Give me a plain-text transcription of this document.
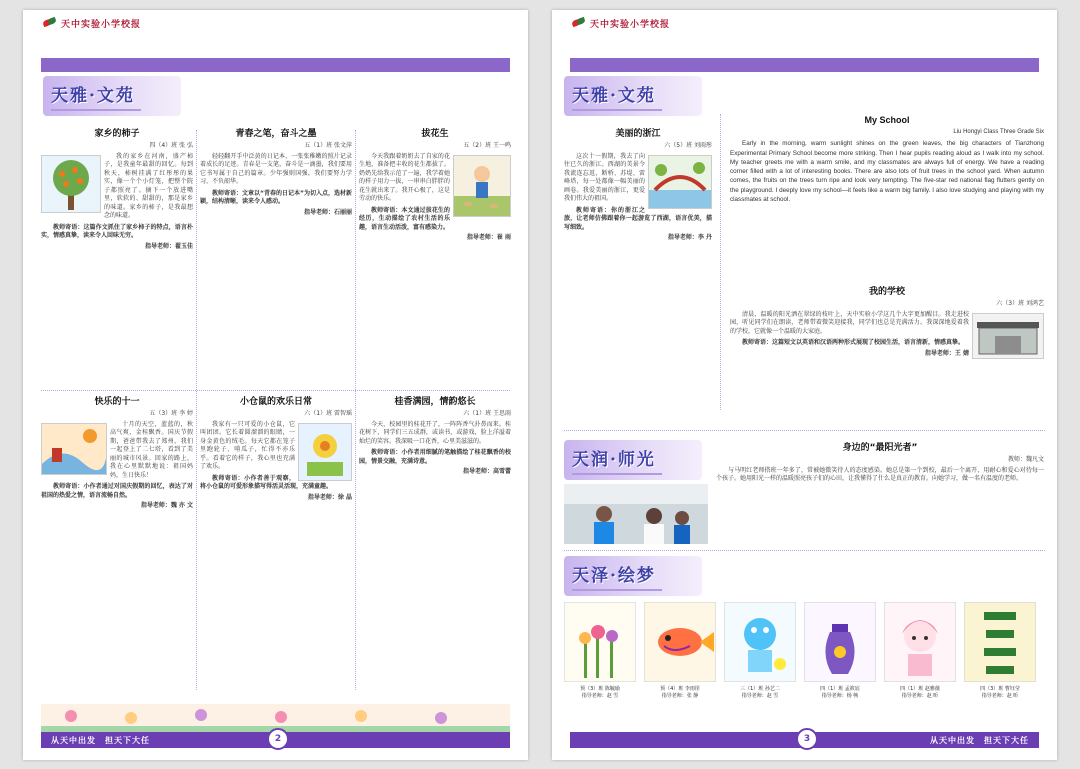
天中实验小学校报
天雅·文苑
家乡的柿子
四（4）班 张 弘

我的家乡在河南，盛产柿子，是我童年最甜的回忆。每到秋天，柿树挂满了红彤彤的果实，像一个个小灯笼，把整个院子都照亮了。摘下一个放进嘴里，软软的、甜甜的，那是家乡的味道。家乡的柿子，是我最想念的味道。

教师寄语：这篇作文抓住了家乡柿子的特点，语言朴实，情感真挚，读来令人回味无穷。

指导老师：翟玉佳
青春之笔，奋斗之墨
五（1）班 张文萍

轻轻翻开手中泛黄的日记本，一张张稚嫩的照片记录着成长的足迹。青春是一支笔，奋斗是一滴墨，我们要用它书写属于自己的篇章。少年强则国强，我们要努力学习，不负韶华。

教师寄语：文章以“青春的日记本”为切入点，选材新颖，结构清晰，读来令人感动。

指导老师：石丽丽
拔花生
五（2）班 王一鸣

今天我跟着奶奶去了自家的花生地，准备把丰收的花生都拔了。奶奶先给我示范了一遍，我学着她的样子用力一拔，一串串白胖胖的花生就出来了。我开心极了，这是劳动的快乐。

教师寄语：本文通过拔花生的经历，生动描绘了农村生活的乐趣，语言生动活泼，富有感染力。

指导老师：崔 雨
快乐的十一
五（3）班 李 婷

十月的天空，蓝蓝的，秋高气爽，金桂飘香。国庆节假期，爸爸带我去了郑州，我们一起登上了二七塔，看到了美丽的城市风景。回家的路上，我在心里默默地说：祖国妈妈，生日快乐！

教师寄语：小作者通过对国庆假期的回忆，表达了对祖国的热爱之情，语言流畅自然。

指导老师：魏 亦 文
小仓鼠的欢乐日常
六（1）班 雷智瑶

我家有一只可爱的小仓鼠，它叫团团。它长着圆溜溜的眼睛，一身金黄色的绒毛。每天它都在笼子里跑轮子、啃瓜子，忙得不亦乐乎。看着它的样子，我心里也充满了欢乐。

教师寄语：小作者善于观察，将小仓鼠的可爱形象描写得活灵活现，充满童趣。

指导老师：徐 晶
桂香满园，情韵悠长
六（1）班 王思雨

今天，校园里的桂花开了，一阵阵香气扑鼻而来。桂花树下，同学们三五成群，或读书，或游戏，脸上洋溢着灿烂的笑容。我深吸一口花香，心里美滋滋的。

教师寄语：小作者用细腻的笔触描绘了桂花飘香的校园，情景交融，充满诗意。

指导老师：高雪蕾
从天中出发　担天下大任	2
天中实验小学校报
天雅·文苑
美丽的浙江
六（5）班 刘雨彤

这次十一假期，我去了向往已久的浙江。西湖的美景令我流连忘返，断桥、苏堤、雷峰塔，每一处都像一幅美丽的画卷。我爱美丽的浙江，更爱我们伟大的祖国。

教师寄语：你的浙江之旅，让老师仿佛跟着你一起游览了西湖，语言优美，描写细致。

指导老师：李 丹
My School
Liu Hongyi Class Three Grade Six

Early in the morning, warm sunlight shines on the green leaves, the big characters of Tianzhong Experimental Primary School become more striking. Then I hear pupils reading aloud as I walk into my school. My teacher greets me with a warm smile, and my classmates are always full of energy. We have a reading corner filled with a lot of interesting books. There are also lots of fruit trees in the school yard. When autumn comes, the fruits on the trees turn ripe and look very tempting. The five-star red national flag flutters gently on the playground. I deeply love my school—it feels like a warm big family. I also love studying and playing with my classmates at school.

我的学校
六（3）班 刘鸿艺

清晨，温暖的阳光洒在翠绿的枝叶上，天中实验小学这几个大字更加醒目。我走进校园，听见同学们在朗读，老师带着微笑迎接我，同学们也总是充满活力。我深深地爱着我的学校，它就像一个温暖的大家庭。

教师寄语：这篇短文以英语和汉语两种形式展现了校园生活，语言清新，情感真挚。

指导老师：王 婧
天润·师光
身边的“最阳光者”
教师：魏凡文

与马明红老师搭班一年多了，常被她微笑待人的态度感染。她总是第一个到校，最后一个离开，用耐心和爱心对待每一个孩子。她用阳光一样的温暖照亮孩子们的心田，让我懂得了什么是真正的教育。向她学习，做一名有温度的老师。

天泽·绘梦
预（3）班 陈毓瑜
指导老师：赵 雪
预（4）班 李雨彤
指导老师：张 静
三（1）班 孙艺二
指导老师：赵 雪
四（1）班 孟筱宸
指导老师：杨 畅
四（1）班 赵雅薇
指导老师：赵 昕
四（3）班 曹钰莹
指导老师：赵 昕
从天中出发　担天下大任
3
